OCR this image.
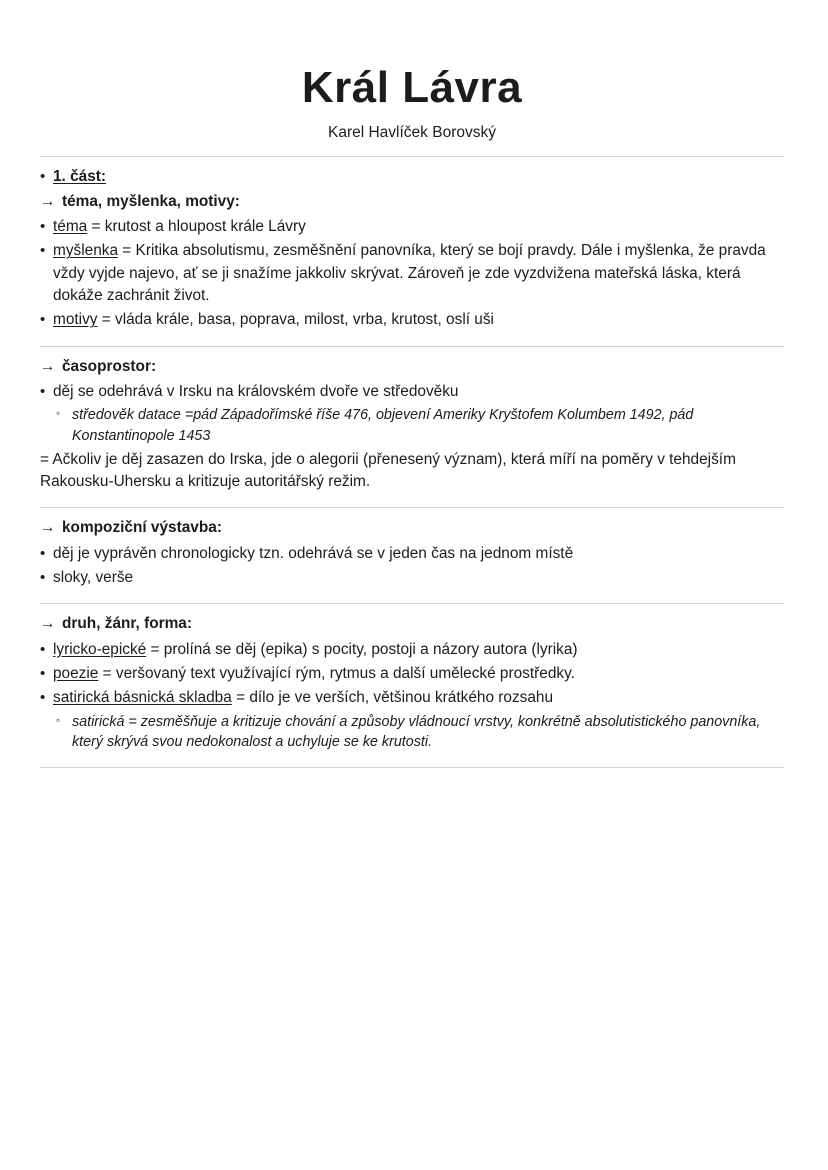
Král Lávra
Karel Havlíček Borovský
• 1. část:
→ téma, myšlenka, motivy:
• téma = krutost a hloupost krále Lávry
• myšlenka = Kritika absolutismu, zesměšnění panovníka, který se bojí pravdy. Dále i myšlenka, že pravda vždy vyjde najevo, ať se ji snažíme jakkoliv skrývat. Zároveň je zde vyzdvižena mateřská láska, která dokáže zachránit život.
• motivy = vláda krále, basa, poprava, milost, vrba, krutost, oslí uši
→ časoprostor:
• děj se odehrává v Irsku na královském dvoře ve středověku
◦ středověk datace =pád Západořímské říše 476, objevení Ameriky Kryštofem Kolumbem 1492, pád Konstantinopole 1453
= Ačkoliv je děj zasazen do Irska, jde o alegorii (přenesený význam), která míří na poměry v tehdejším Rakousku-Uhersku a kritizuje autoritářský režim.
→ kompoziční výstavba:
• děj je vyprávěn chronologicky tzn. odehrává se v jeden čas na jednom místě
• sloky, verše
→ druh, žánr, forma:
• lyricko-epické = prolíná se děj (epika) s pocity, postoji a názory autora (lyrika)
• poezie = veršovaný text využívající rým, rytmus a další umělecké prostředky.
• satirická básnická skladba = dílo je ve verších, většinou krátkého rozsahu
◦ satirická = zesměšňuje a kritizuje chování a způsoby vládnoucí vrstvy, konkrétně absolutistického panovníka, který skrývá svou nedokonalost a uchyluje se ke krutosti.
